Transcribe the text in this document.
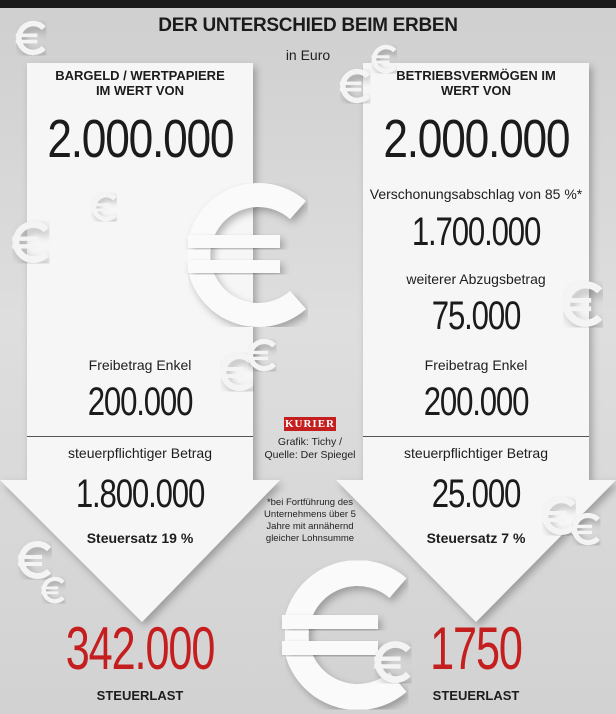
DER UNTERSCHIED BEIM ERBEN
in Euro
BARGELD / WERTPAPIERE IM WERT VON
2.000.000
Freibetrag Enkel
200.000
steuerpflichtiger Betrag
1.800.000
Steuersatz 19 %
342.000
STEUERLAST
BETRIEBSVERMÖGEN IM WERT VON
2.000.000
Verschonungsabschlag von 85 %*
1.700.000
weiterer Abzugsbetrag
75.000
Freibetrag Enkel
200.000
steuerpflichtiger Betrag
25.000
Steuersatz 7 %
1750
STEUERLAST
KURIER
Grafik: Tichy / Quelle: Der Spiegel
*bei Fortführung des Unternehmens über 5 Jahre mit annähernd gleicher Lohnsumme
